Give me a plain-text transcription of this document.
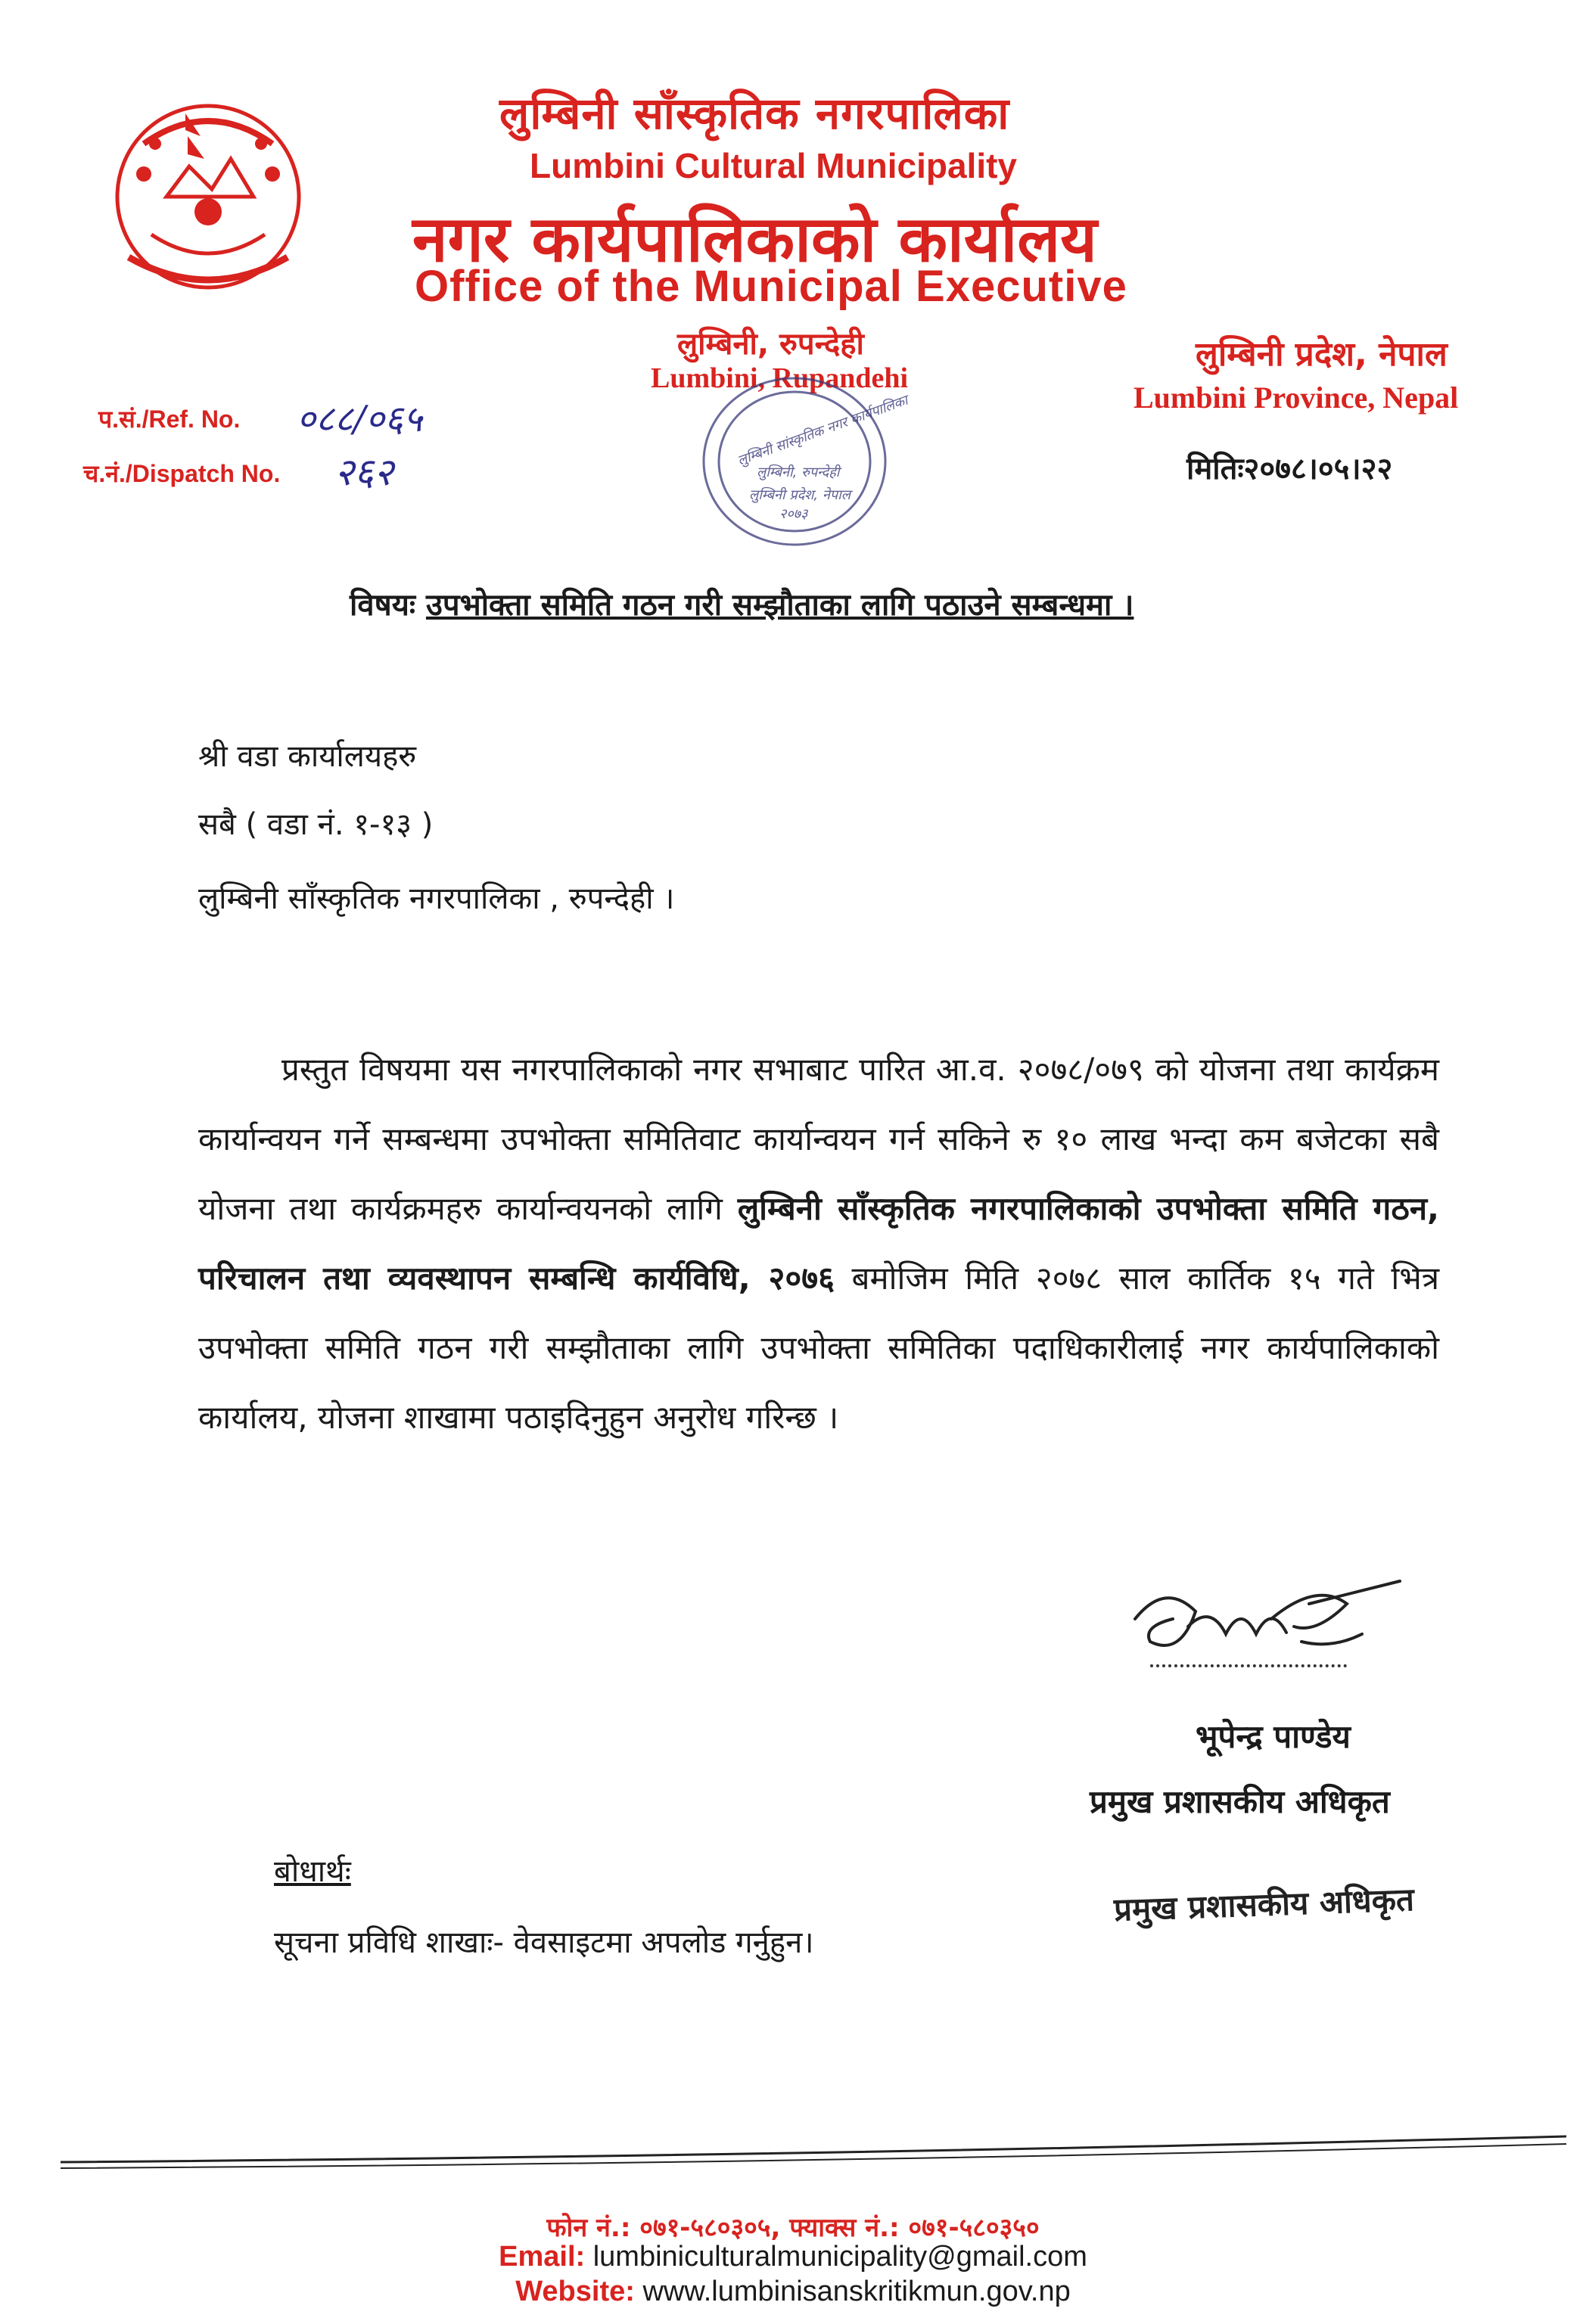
लुम्बिनी साँस्कृतिक नगरपालिका
Lumbini Cultural Municipality
नगर कार्यपालिकाको कार्यालय
Office of the Municipal Executive
लुम्बिनी, रुपन्देही
Lumbini, Rupandehi
लुम्बिनी सांस्कृतिक नगर कार्यपालिका
लुम्बिनी, रुपन्देही
लुम्बिनी प्रदेश, नेपाल
२०७३
लुम्बिनी प्रदेश, नेपाल
Lumbini Province, Nepal
मितिः२०७८।०५।२२
प.सं./Ref. No. ०८८/०६५
च.नं./Dispatch No. २६२
विषयः उपभोक्ता समिति गठन गरी सम्झौताका लागि पठाउने सम्बन्धमा ।
श्री वडा कार्यालयहरु
सबै ( वडा नं. १-१३ )
लुम्बिनी साँस्कृतिक नगरपालिका , रुपन्देही ।
प्रस्तुत विषयमा यस नगरपालिकाको नगर सभाबाट पारित आ.व. २०७८/०७९ को योजना तथा कार्यक्रम कार्यान्वयन गर्ने सम्बन्धमा उपभोक्ता समितिवाट कार्यान्वयन गर्न सकिने रु १० लाख भन्दा कम बजेटका सबै योजना तथा कार्यक्रमहरु कार्यान्वयनको लागि लुम्बिनी साँस्कृतिक नगरपालिकाको उपभोक्ता समिति गठन, परिचालन तथा व्यवस्थापन सम्बन्धि कार्यविधि, २०७६ बमोजिम मिति २०७८ साल कार्तिक १५ गते भित्र उपभोक्ता समिति गठन गरी सम्झौताका लागि उपभोक्ता समितिका पदाधिकारीलाई नगर कार्यपालिकाको कार्यालय, योजना शाखामा पठाइदिनुहुन अनुरोध गरिन्छ ।
भूपेन्द्र पाण्डेय
प्रमुख प्रशासकीय अधिकृत
प्रमुख प्रशासकीय अधिकृत
बोधार्थः
सूचना प्रविधि शाखाः- वेवसाइटमा अपलोड गर्नुहुन।
फोन नं.: ०७१-५८०३०५, फ्याक्स नं.: ०७१-५८०३५०
Email: lumbiniculturalmunicipality@gmail.com
Website: www.lumbinisanskritikmun.gov.np
